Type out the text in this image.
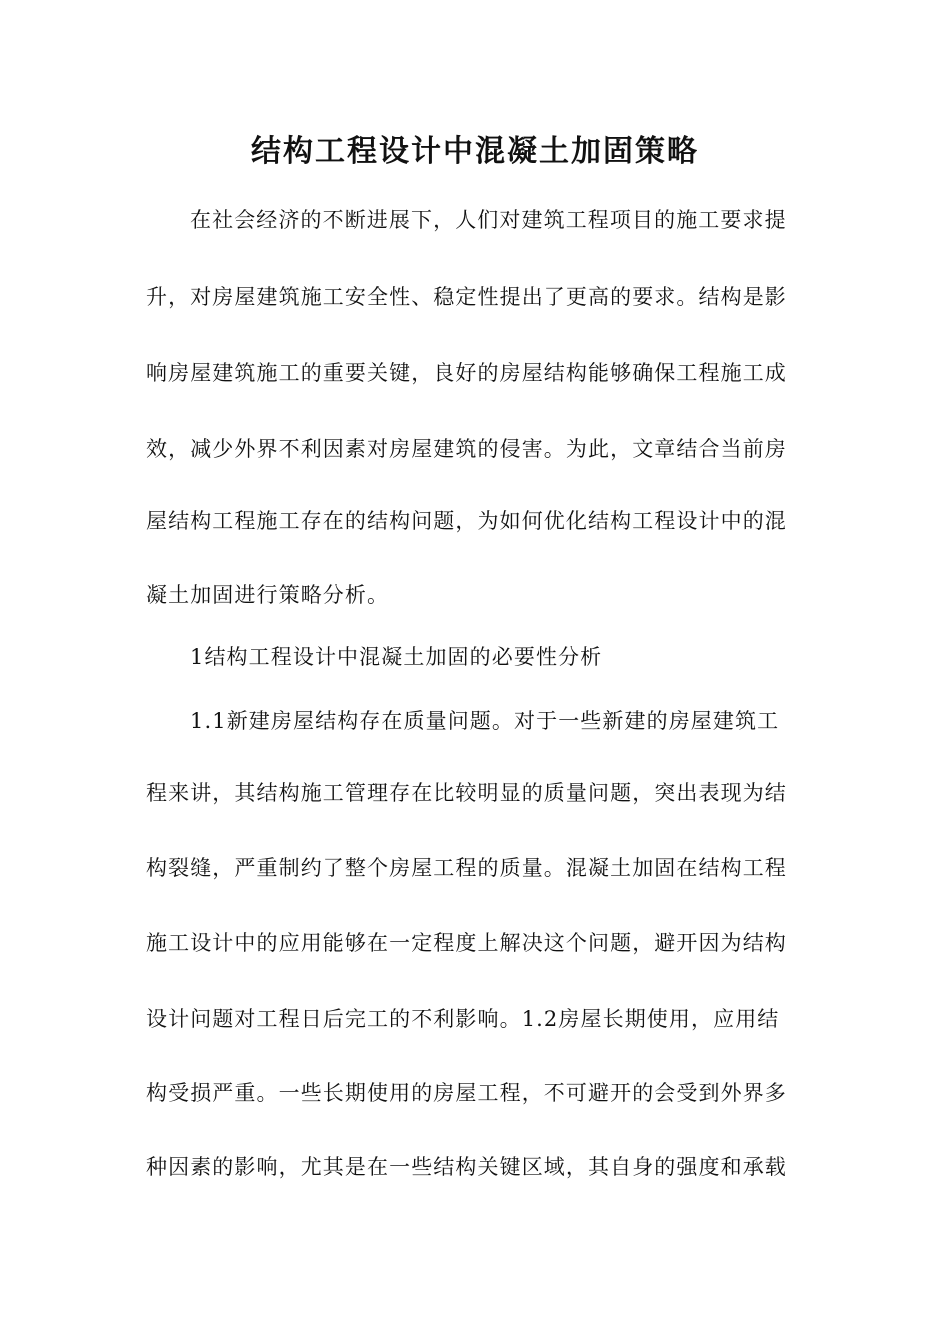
结构工程设计中混凝土加固策略
在社会经济的不断进展下，人们对建筑工程项目的施工要求提
升，对房屋建筑施工安全性、稳定性提出了更高的要求。结构是影
响房屋建筑施工的重要关键，良好的房屋结构能够确保工程施工成
效，减少外界不利因素对房屋建筑的侵害。为此，文章结合当前房
屋结构工程施工存在的结构问题，为如何优化结构工程设计中的混
凝土加固进行策略分析。
1结构工程设计中混凝土加固的必要性分析
1.1新建房屋结构存在质量问题。对于一些新建的房屋建筑工
程来讲，其结构施工管理存在比较明显的质量问题，突出表现为结
构裂缝，严重制约了整个房屋工程的质量。混凝土加固在结构工程
施工设计中的应用能够在一定程度上解决这个问题，避开因为结构
设计问题对工程日后完工的不利影响。1.2房屋长期使用，应用结
构受损严重。一些长期使用的房屋工程，不可避开的会受到外界多
种因素的影响，尤其是在一些结构关键区域，其自身的强度和承载
